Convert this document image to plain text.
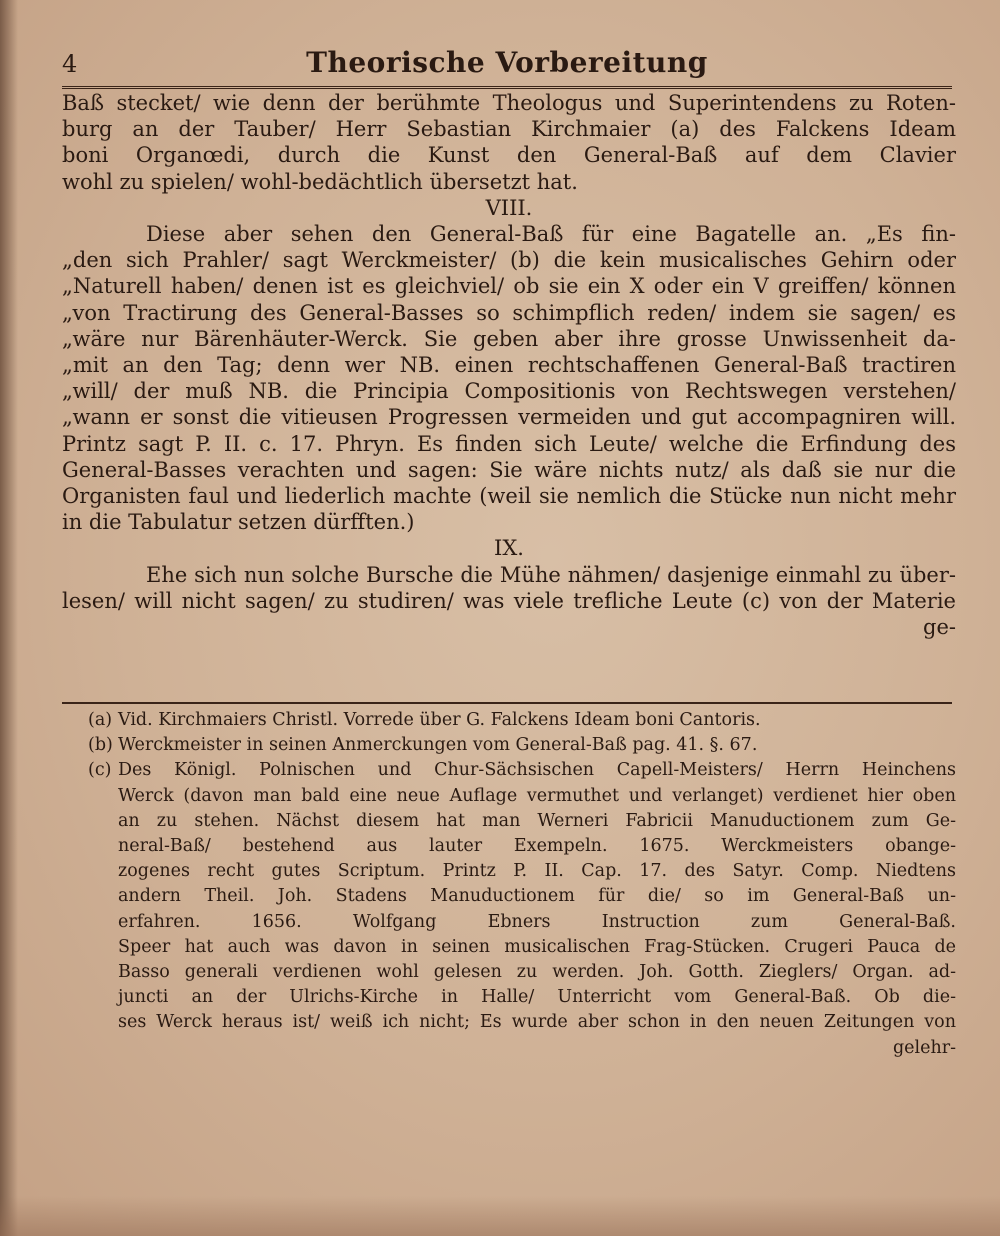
4	Theorische Vorbereitung
Baß stecket/ wie denn der berühmte Theologus und Superintendens zu Roten-
burg an der Tauber/ Herr Sebastian Kirchmaier (a) des Falckens Ideam
boni Organœdi, durch die Kunst den General-Baß auf dem Clavier
wohl zu spielen/ wohl-bedächtlich übersetzt hat.
VIII.
Diese aber sehen den General-Baß für eine Bagatelle an. „Es fin-
„den sich Prahler/ sagt Werckmeister/ (b) die kein musicalisches Gehirn oder
„Naturell haben/ denen ist es gleichviel/ ob sie ein X oder ein V greiffen/ können
„von Tractirung des General-Basses so schimpflich reden/ indem sie sagen/ es
„wäre nur Bärenhäuter-Werck. Sie geben aber ihre grosse Unwissenheit da-
„mit an den Tag; denn wer NB. einen rechtschaffenen General-Baß tractiren
„will/ der muß NB. die Principia Compositionis von Rechtswegen verstehen/
„wann er sonst die vitieusen Progressen vermeiden und gut accompagniren will.
Printz sagt P. II. c. 17. Phryn. Es finden sich Leute/ welche die Erfindung des
General-Basses verachten und sagen: Sie wäre nichts nutz/ als daß sie nur die
Organisten faul und liederlich machte (weil sie nemlich die Stücke nun nicht mehr
in die Tabulatur setzen dürfften.)
IX.
Ehe sich nun solche Bursche die Mühe nähmen/ dasjenige einmahl zu über-
lesen/ will nicht sagen/ zu studiren/ was viele trefliche Leute (c) von der Materie
ge-
(a) Vid. Kirchmaiers Christl. Vorrede über G. Falckens Ideam boni Cantoris.
(b) Werckmeister in seinen Anmerckungen vom General-Baß pag. 41. §. 67.
(c) Des Königl. Polnischen und Chur-Sächsischen Capell-Meisters/ Herrn Heinchens
Werck (davon man bald eine neue Auflage vermuthet und verlanget) verdienet hier oben
an zu stehen. Nächst diesem hat man Werneri Fabricii Manuductionem zum Ge-
neral-Baß/ bestehend aus lauter Exempeln. 1675. Werckmeisters obange-
zogenes recht gutes Scriptum. Printz P. II. Cap. 17. des Satyr. Comp. Niedtens
andern Theil. Joh. Stadens Manuductionem für die/ so im General-Baß un-
erfahren. 1656. Wolfgang Ebners Instruction zum General-Baß.
Speer hat auch was davon in seinen musicalischen Frag-Stücken. Crugeri Pauca de
Basso generali verdienen wohl gelesen zu werden. Joh. Gotth. Zieglers/ Organ. ad-
juncti an der Ulrichs-Kirche in Halle/ Unterricht vom General-Baß. Ob die-
ses Werck heraus ist/ weiß ich nicht; Es wurde aber schon in den neuen Zeitungen von
gelehr-
